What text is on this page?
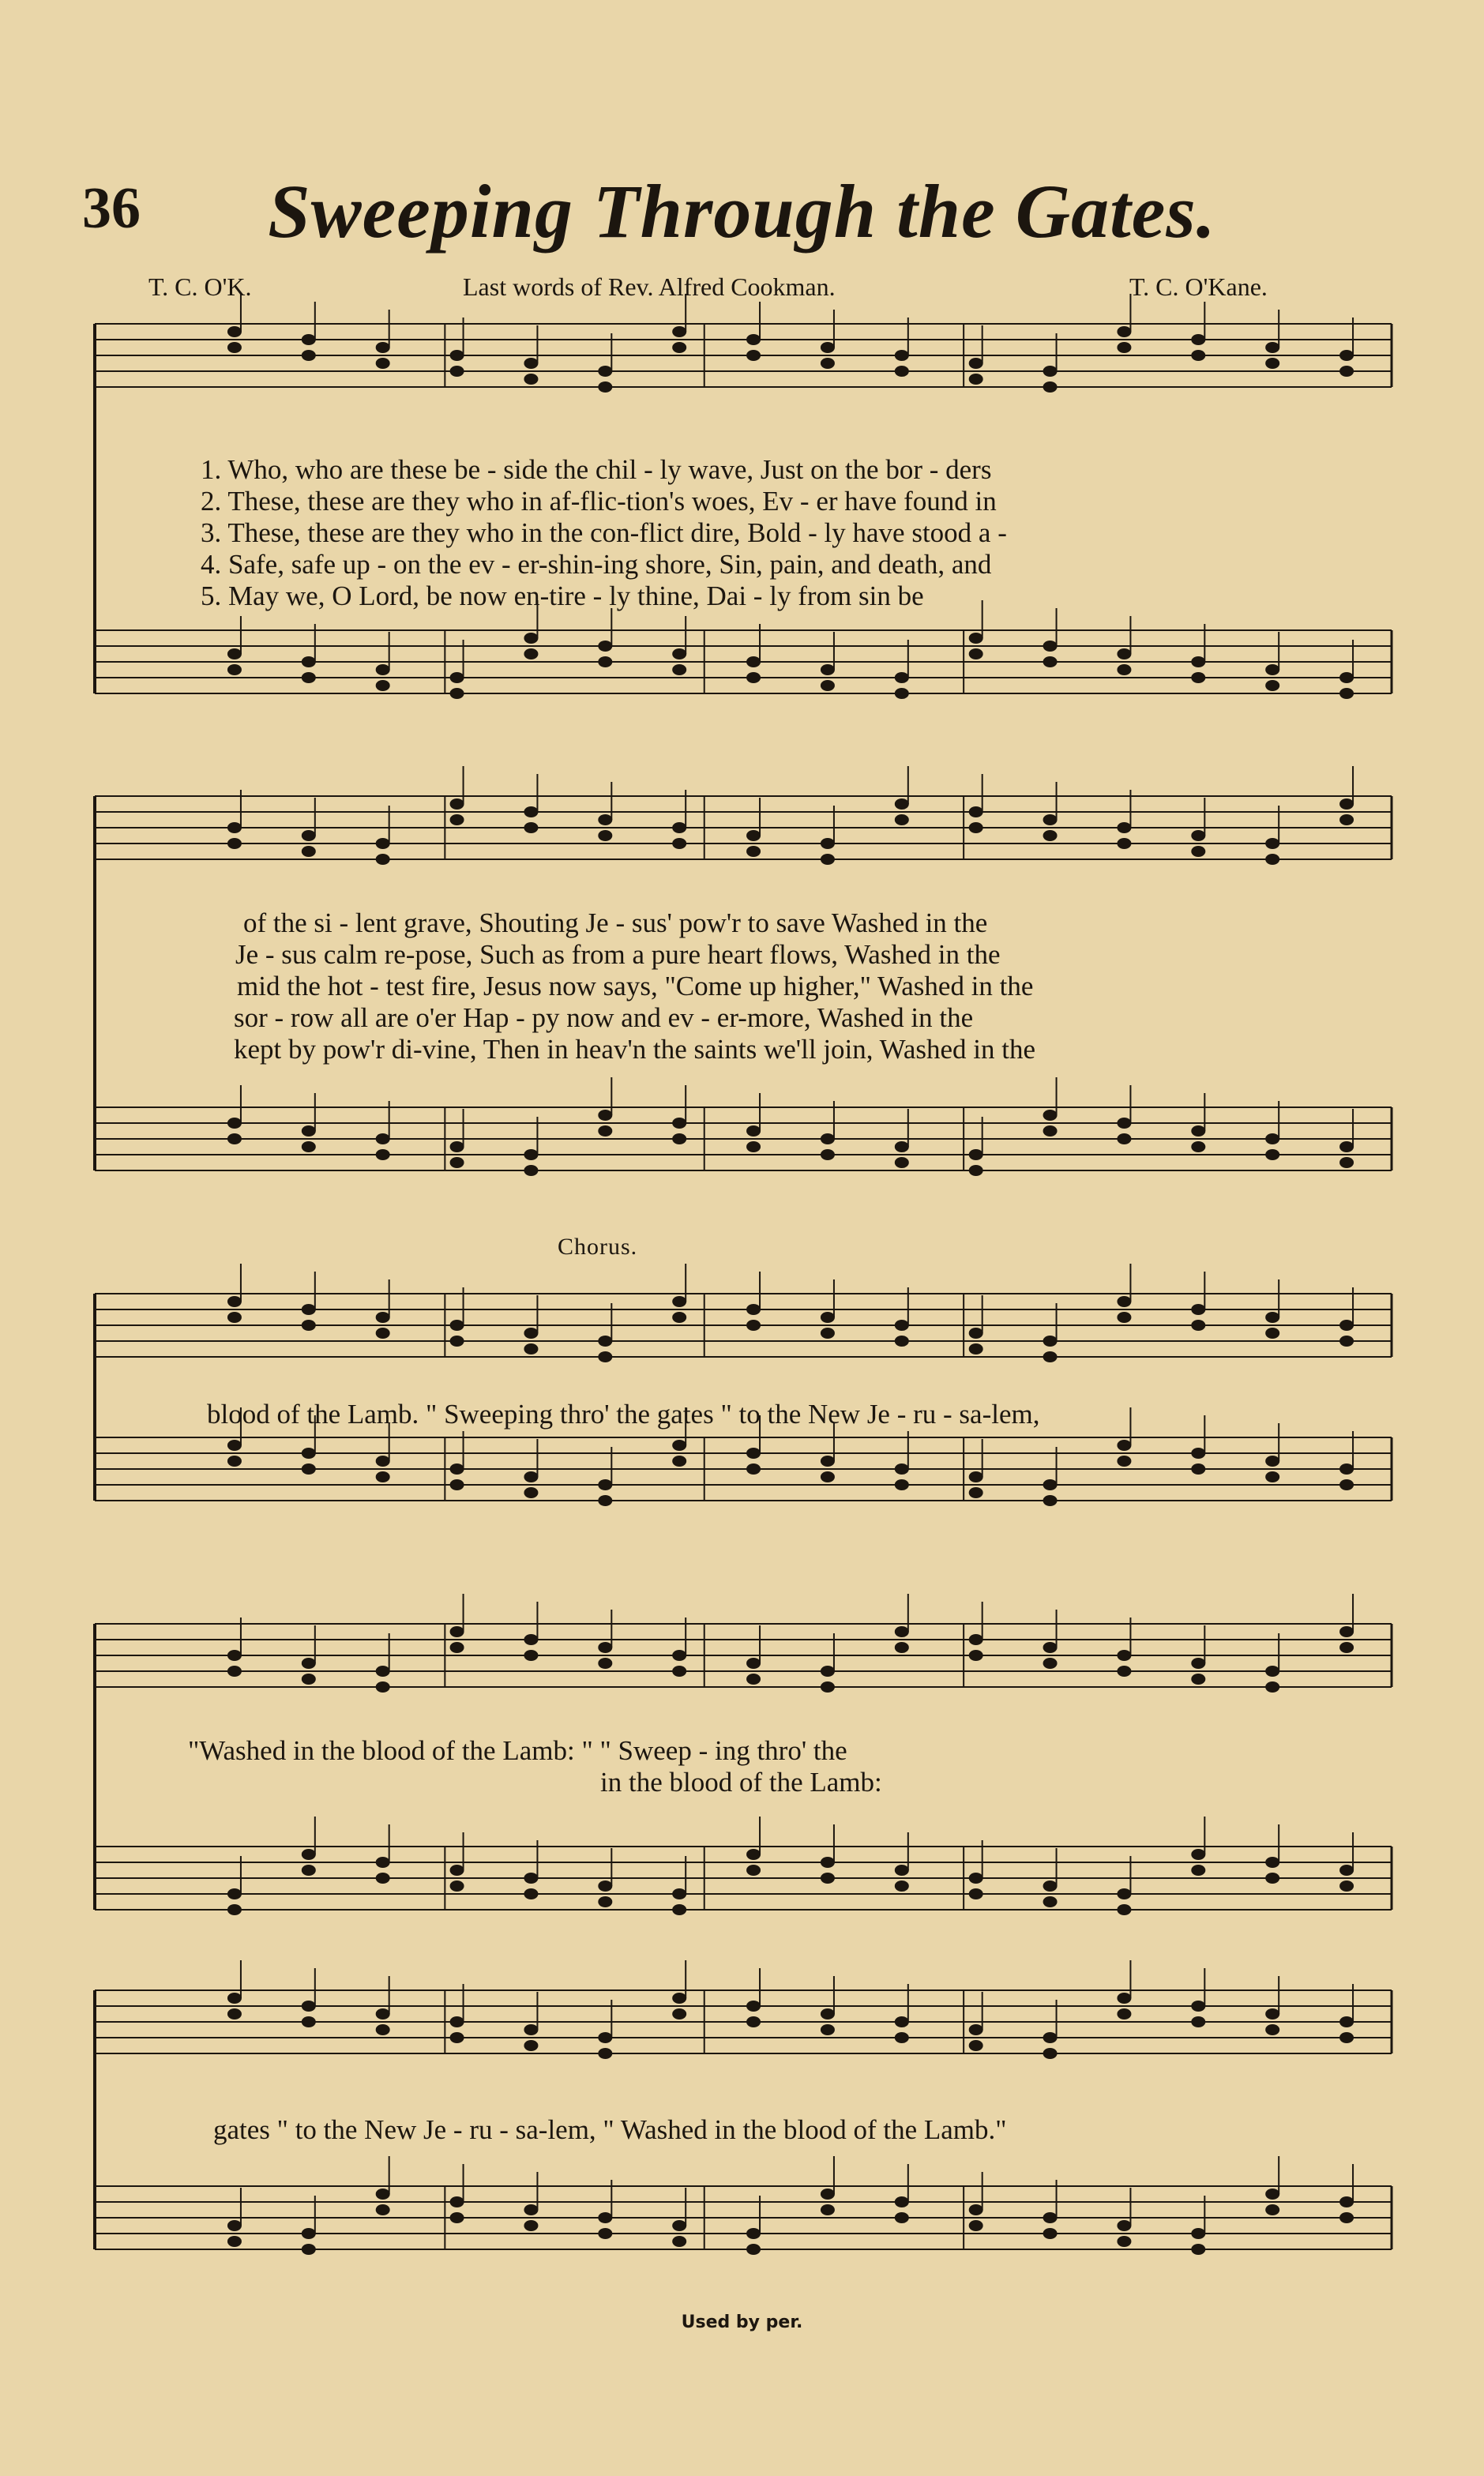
36	Sweeping Through the Gates.
T. C. O'K.	Last words of Rev. Alfred Cookman.	T. C. O'Kane.
1. Who, who are these be - side the chil - ly wave, Just on the bor - ders
2. These, these are they who in af-flic-tion's woes, Ev - er have found in
3. These, these are they who in the con-flict dire, Bold - ly have stood a -
4. Safe, safe up - on the ev - er-shin-ing shore, Sin, pain, and death, and
5. May we, O Lord, be now en-tire - ly thine, Dai - ly from sin be
of the si - lent grave, Shouting Je - sus' pow'r to save Washed in the
Je - sus calm re-pose, Such as from a pure heart flows, Washed in the
mid the hot - test fire, Jesus now says, "Come up higher," Washed in the
sor - row all are o'er Hap - py now and ev - er-more, Washed in the
kept by pow'r di-vine, Then in heav'n the saints we'll join, Washed in the
Chorus.
blood of the Lamb. " Sweeping thro' the gates " to the New Je - ru - sa-lem,
"Washed in the blood of the Lamb: " " Sweep - ing thro' the
in the blood of the Lamb:
gates " to the New Je - ru - sa-lem, " Washed in the blood of the Lamb."
Used by per.
